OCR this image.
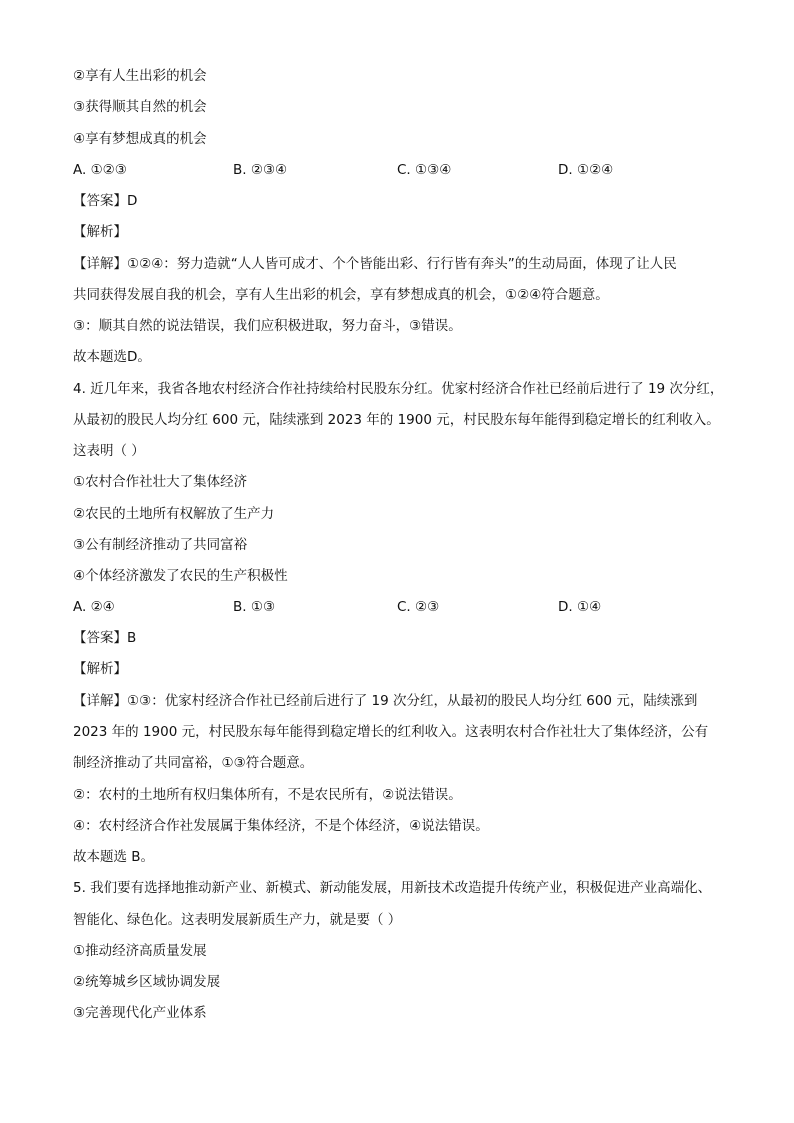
②享有人生出彩的机会
③获得顺其自然的机会
④享有梦想成真的机会
A. ①②③	B. ②③④	C. ①③④	D. ①②④
【答案】D
【解析】
【详解】①②④：努力造就“人人皆可成才、个个皆能出彩、行行皆有奔头”的生动局面，体现了让人民
共同获得发展自我的机会，享有人生出彩的机会，享有梦想成真的机会，①②④符合题意。
③：顺其自然的说法错误，我们应积极进取，努力奋斗，③错误。
故本题选D。
4. 近几年来，我省各地农村经济合作社持续给村民股东分红。优家村经济合作社已经前后进行了 19 次分红，
从最初的股民人均分红 600 元，陆续涨到 2023 年的 1900 元，村民股东每年能得到稳定增长的红利收入。
这表明（ ）
①农村合作社壮大了集体经济
②农民的土地所有权解放了生产力
③公有制经济推动了共同富裕
④个体经济激发了农民的生产积极性
A. ②④	B. ①③	C. ②③	D. ①④
【答案】B
【解析】
【详解】①③：优家村经济合作社已经前后进行了 19 次分红，从最初的股民人均分红 600 元，陆续涨到
2023 年的 1900 元，村民股东每年能得到稳定增长的红利收入。这表明农村合作社壮大了集体经济，公有
制经济推动了共同富裕，①③符合题意。
②：农村的土地所有权归集体所有，不是农民所有，②说法错误。
④：农村经济合作社发展属于集体经济，不是个体经济，④说法错误。
故本题选 B。
5. 我们要有选择地推动新产业、新模式、新动能发展，用新技术改造提升传统产业，积极促进产业高端化、
智能化、绿色化。这表明发展新质生产力，就是要（ ）
①推动经济高质量发展
②统筹城乡区域协调发展
③完善现代化产业体系
